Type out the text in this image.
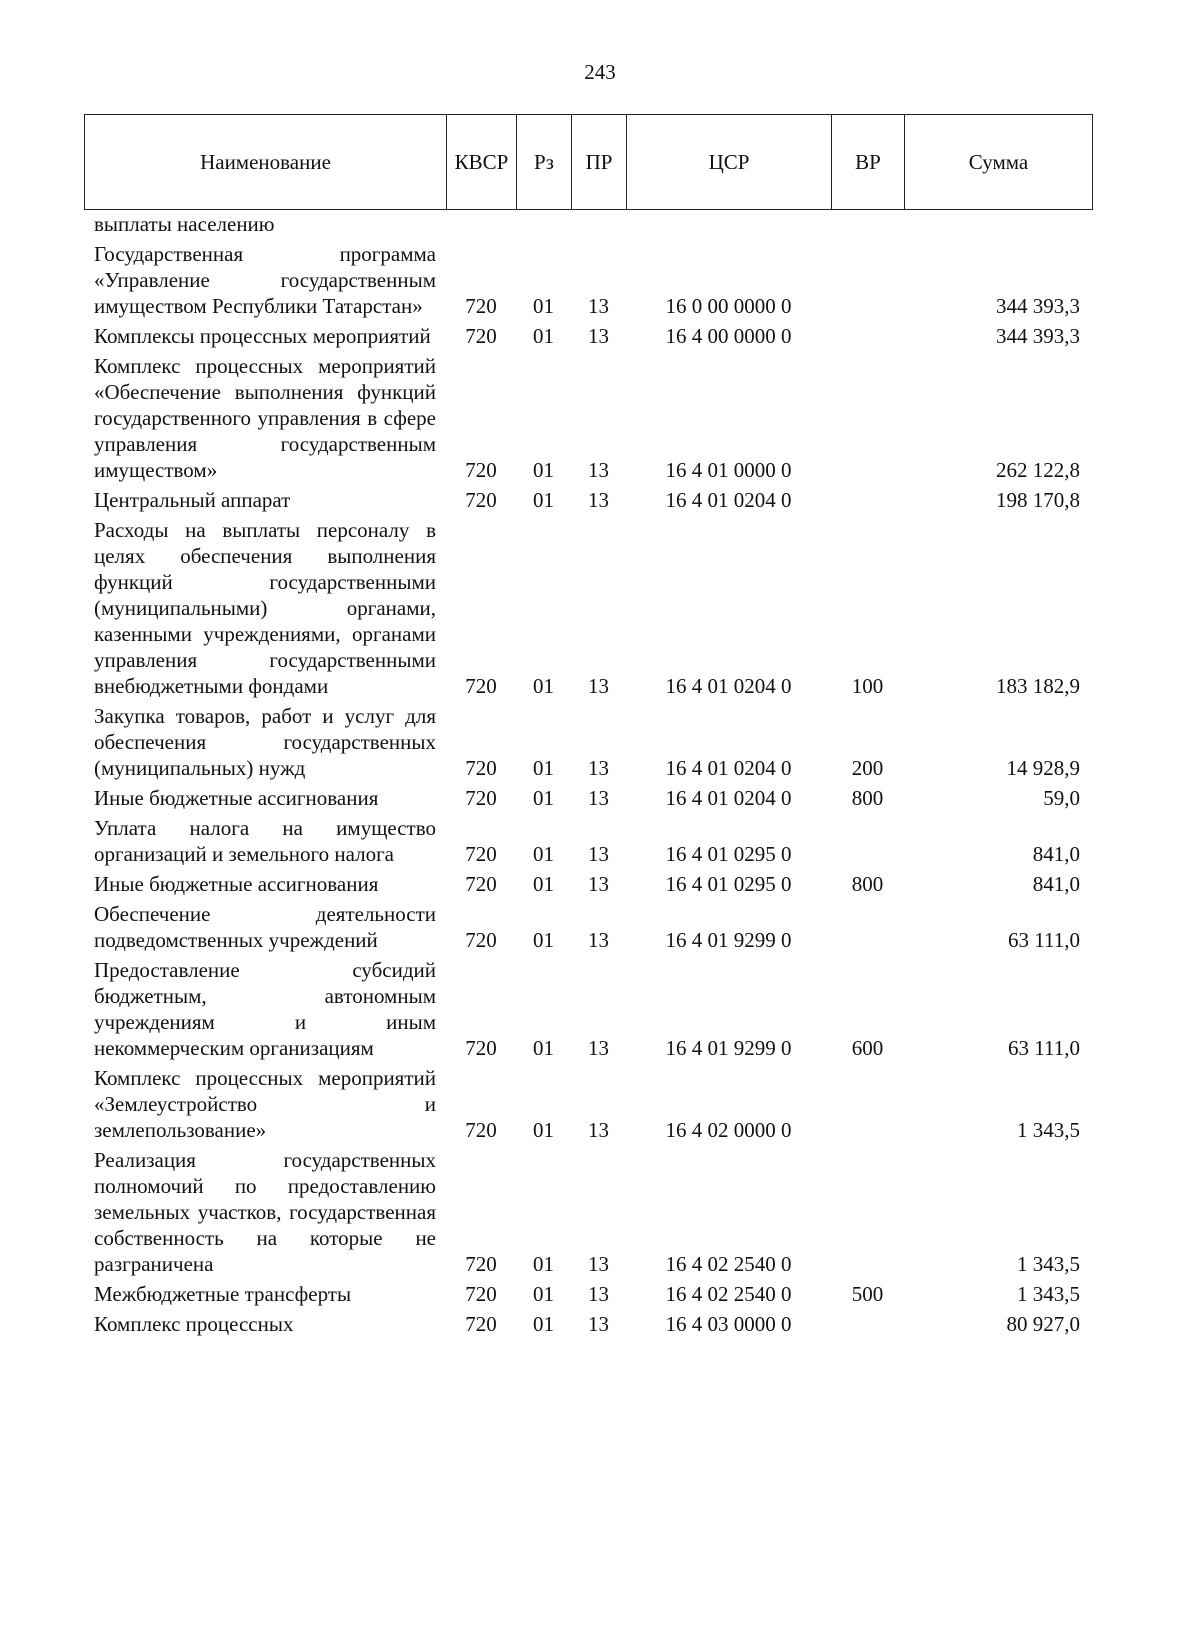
243
Наименование	КВСР	Рз	ПР	ЦСР	ВР	Сумма
выплаты населению						
Государственная программа «Управление государственным имуществом Республики Татарстан»	720	01	13	16 0 00 0000 0		344 393,3
Комплексы процессных мероприятий	720	01	13	16 4 00 0000 0		344 393,3
Комплекс процессных мероприятий «Обеспечение выполнения функций государственного управления в сфере управления государственным имуществом»	720	01	13	16 4 01 0000 0		262 122,8
Центральный аппарат	720	01	13	16 4 01 0204 0		198 170,8
Расходы на выплаты персоналу в целях обеспечения выполнения функций государственными (муниципальными) органами, казенными учреждениями, органами управления государственными внебюджетными фондами	720	01	13	16 4 01 0204 0	100	183 182,9
Закупка товаров, работ и услуг для обеспечения государственных (муниципальных) нужд	720	01	13	16 4 01 0204 0	200	14 928,9
Иные бюджетные ассигнования	720	01	13	16 4 01 0204 0	800	59,0
Уплата налога на имущество организаций и земельного налога	720	01	13	16 4 01 0295 0		841,0
Иные бюджетные ассигнования	720	01	13	16 4 01 0295 0	800	841,0
Обеспечение деятельности подведомственных учреждений	720	01	13	16 4 01 9299 0		63 111,0
Предоставление субсидий бюджетным, автономным учреждениям и иным некоммерческим организациям	720	01	13	16 4 01 9299 0	600	63 111,0
Комплекс процессных мероприятий «Землеустройство и землепользование»	720	01	13	16 4 02 0000 0		1 343,5
Реализация государственных полномочий по предоставлению земельных участков, государственная собственность на которые не разграничена	720	01	13	16 4 02 2540 0		1 343,5
Межбюджетные трансферты	720	01	13	16 4 02 2540 0	500	1 343,5
Комплекс процессных	720	01	13	16 4 03 0000 0		80 927,0
